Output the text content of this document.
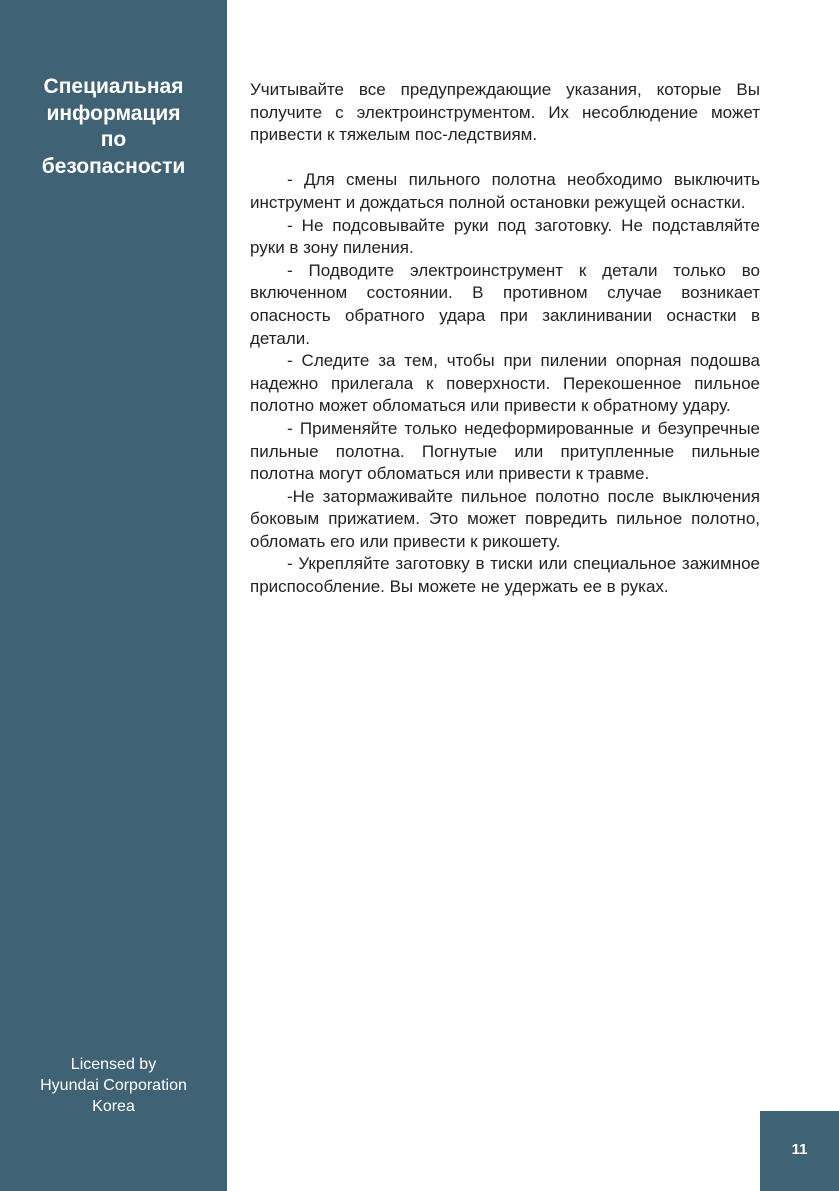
Специальная
информация
по
безопасности
Licensed by
Hyundai Corporation
Korea

Учитывайте все предупреждающие указания, которые Вы получите с электроинструментом. Их несоблюдение может привести к тяжелым пос-ледствиям.

- Для смены пильного полотна необходимо выключить инструмент и дождаться полной остановки режущей оснастки.

- Не подсовывайте руки под заготовку. Не подставляйте руки в зону пиления.

- Подводите электроинструмент к детали только во включенном состоянии. В противном случае возникает опасность обратного удара при заклинивании оснастки в детали.

- Следите за тем, чтобы при пилении опорная подошва надежно прилегала к поверхности. Перекошенное пильное полотно может обломаться или привести к обратному удару.

- Применяйте только недеформированные и безупречные пильные полотна. Погнутые или притупленные пильные полотна могут обломаться или привести к травме.

-Не затормаживайте пильное полотно после выключения боковым прижатием. Это может повредить пильное полотно, обломать его или привести к рикошету.

- Укрепляйте заготовку в тиски или специальное зажимное приспособление. Вы можете не удержать ее в руках.

11
